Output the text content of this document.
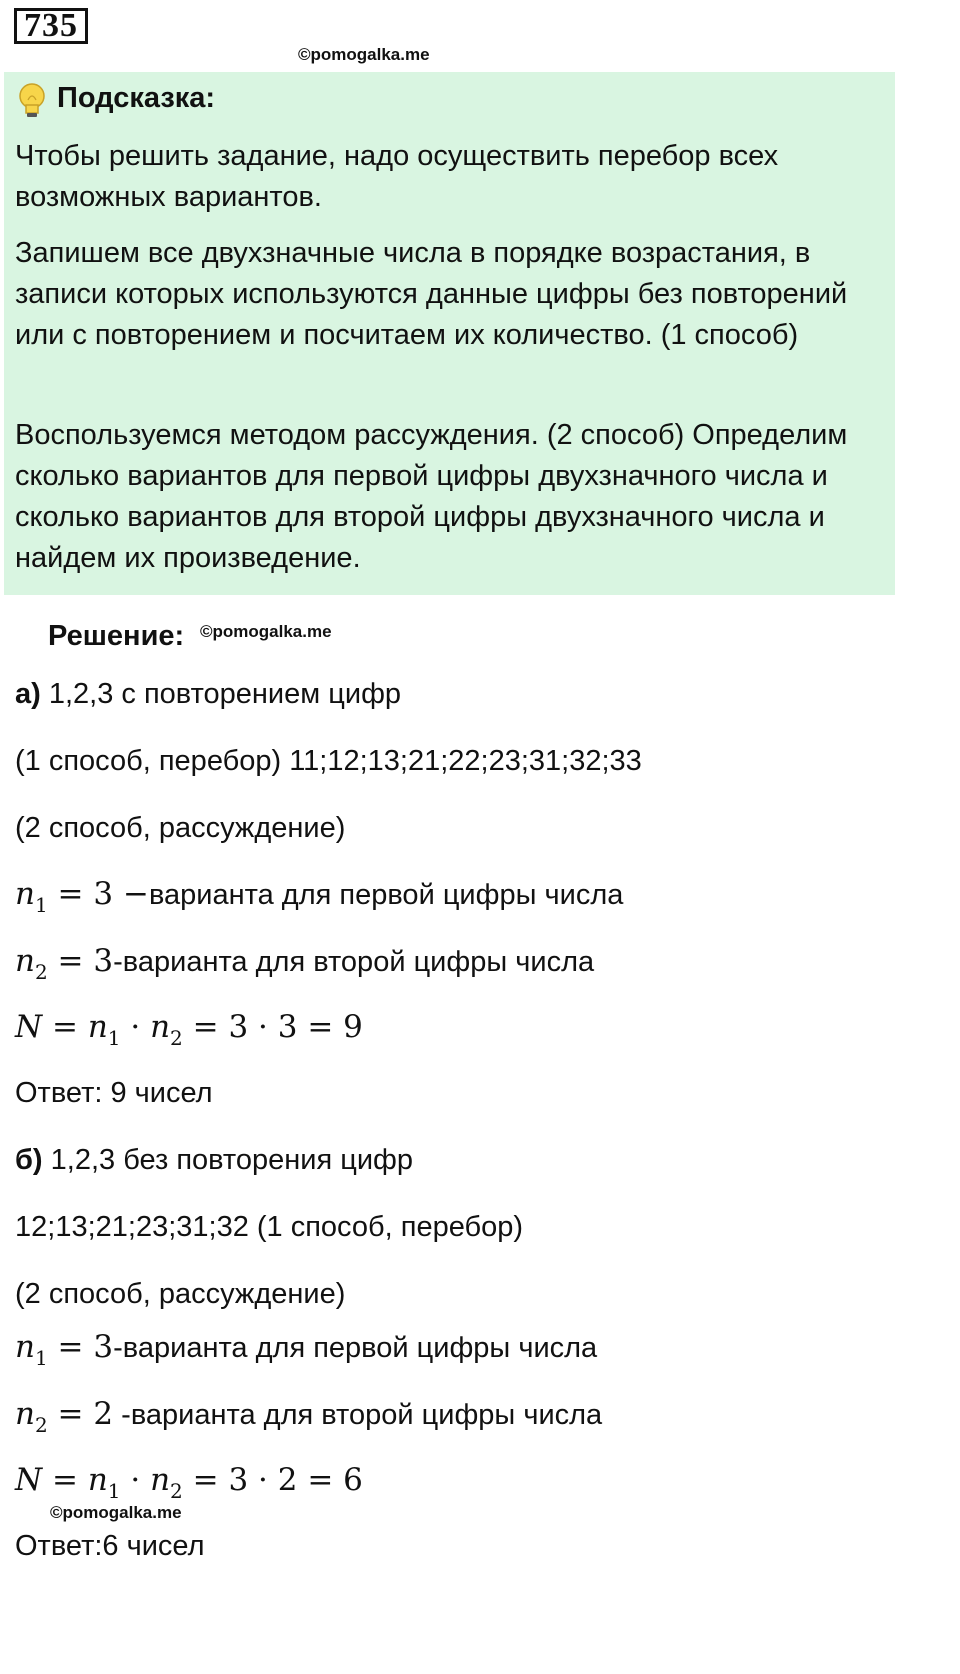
735
©pomogalka.me
Подсказка:
Чтобы решить задание, надо осуществить перебор всех возможных вариантов.
Запишем все двухзначные числа в порядке возрастания, в записи которых используются данные цифры без повторений или с повторением и посчитаем их количество. (1 способ)
Воспользуемся методом рассуждения. (2 способ) Определим сколько вариантов для первой цифры двухзначного числа и сколько вариантов для второй цифры двухзначного числа и найдем их произведение.
Решение: ©pomogalka.me
а) 1,2,3 с повторением цифр
(1 способ, перебор) 11;12;13;21;22;23;31;32;33
(2 способ, рассуждение)
$n_1 = 3$ −варианта для первой цифры числа
$n_2$ = 3-варианта для второй цифры числа
$N = n_1 \cdot n_2 = 3 \cdot 3 = 9$
Ответ: 9 чисел
б) 1,2,3 без повторения цифр
12;13;21;23;31;32 (1 способ, перебор)
(2 способ, рассуждение)
$n_1$ = 3-варианта для первой цифры числа
$n_2 = 2$ -варианта для второй цифры числа
$N = n_1 \cdot n_2 = 3 \cdot 2 = 6$
©pomogalka.me
Ответ:6 чисел
